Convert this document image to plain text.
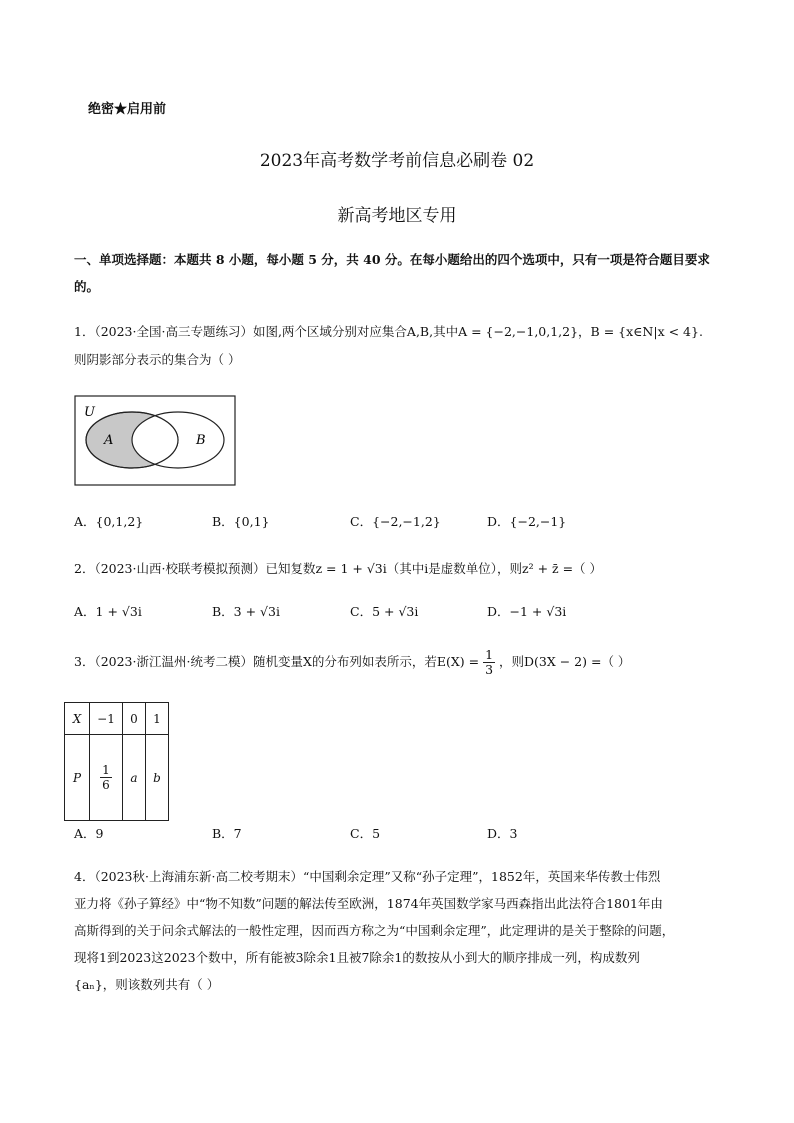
绝密★启用前
2023年高考数学考前信息必刷卷 02
新高考地区专用
一、单项选择题：本题共 8 小题，每小题 5 分，共 40 分。在每小题给出的四个选项中，只有一项是符合题目要求的。
1．（2023·全国·高三专题练习）如图,两个区域分别对应集合A,B,其中A = {−2,−1,0,1,2}，B = {x∈N|x < 4}.
则阴影部分表示的集合为（ ）
U
A	B
A．{0,1,2}	B．{0,1}	C．{−2,−1,2}	D．{−2,−1}
2．（2023·山西·校联考模拟预测）已知复数z = 1 + √3i（其中i是虚数单位），则z² + z̄ =（ ）
A．1 + √3i	B．3 + √3i	C．5 + √3i	D．−1 + √3i
3．（2023·浙江温州·统考二模）随机变量X的分布列如表所示，若$E(X) = \frac{1}{3}$ ，则D(3X − 2) =（ ）
X	−1	0	1
P	$\frac{1}{6}$	a	b
A．9	B．7	C．5	D．3
4．（2023秋·上海浦东新·高二校考期末）“中国剩余定理”又称“孙子定理”，1852年，英国来华传教士伟烈
亚力将《孙子算经》中“物不知数”问题的解法传至欧洲，1874年英国数学家马西森指出此法符合1801年由
高斯得到的关于问余式解法的一般性定理，因而西方称之为“中国剩余定理”，此定理讲的是关于整除的问题，
现将1到2023这2023个数中，所有能被3除余1且被7除余1的数按从小到大的顺序排成一列，构成数列
{aₙ}，则该数列共有（ ）
